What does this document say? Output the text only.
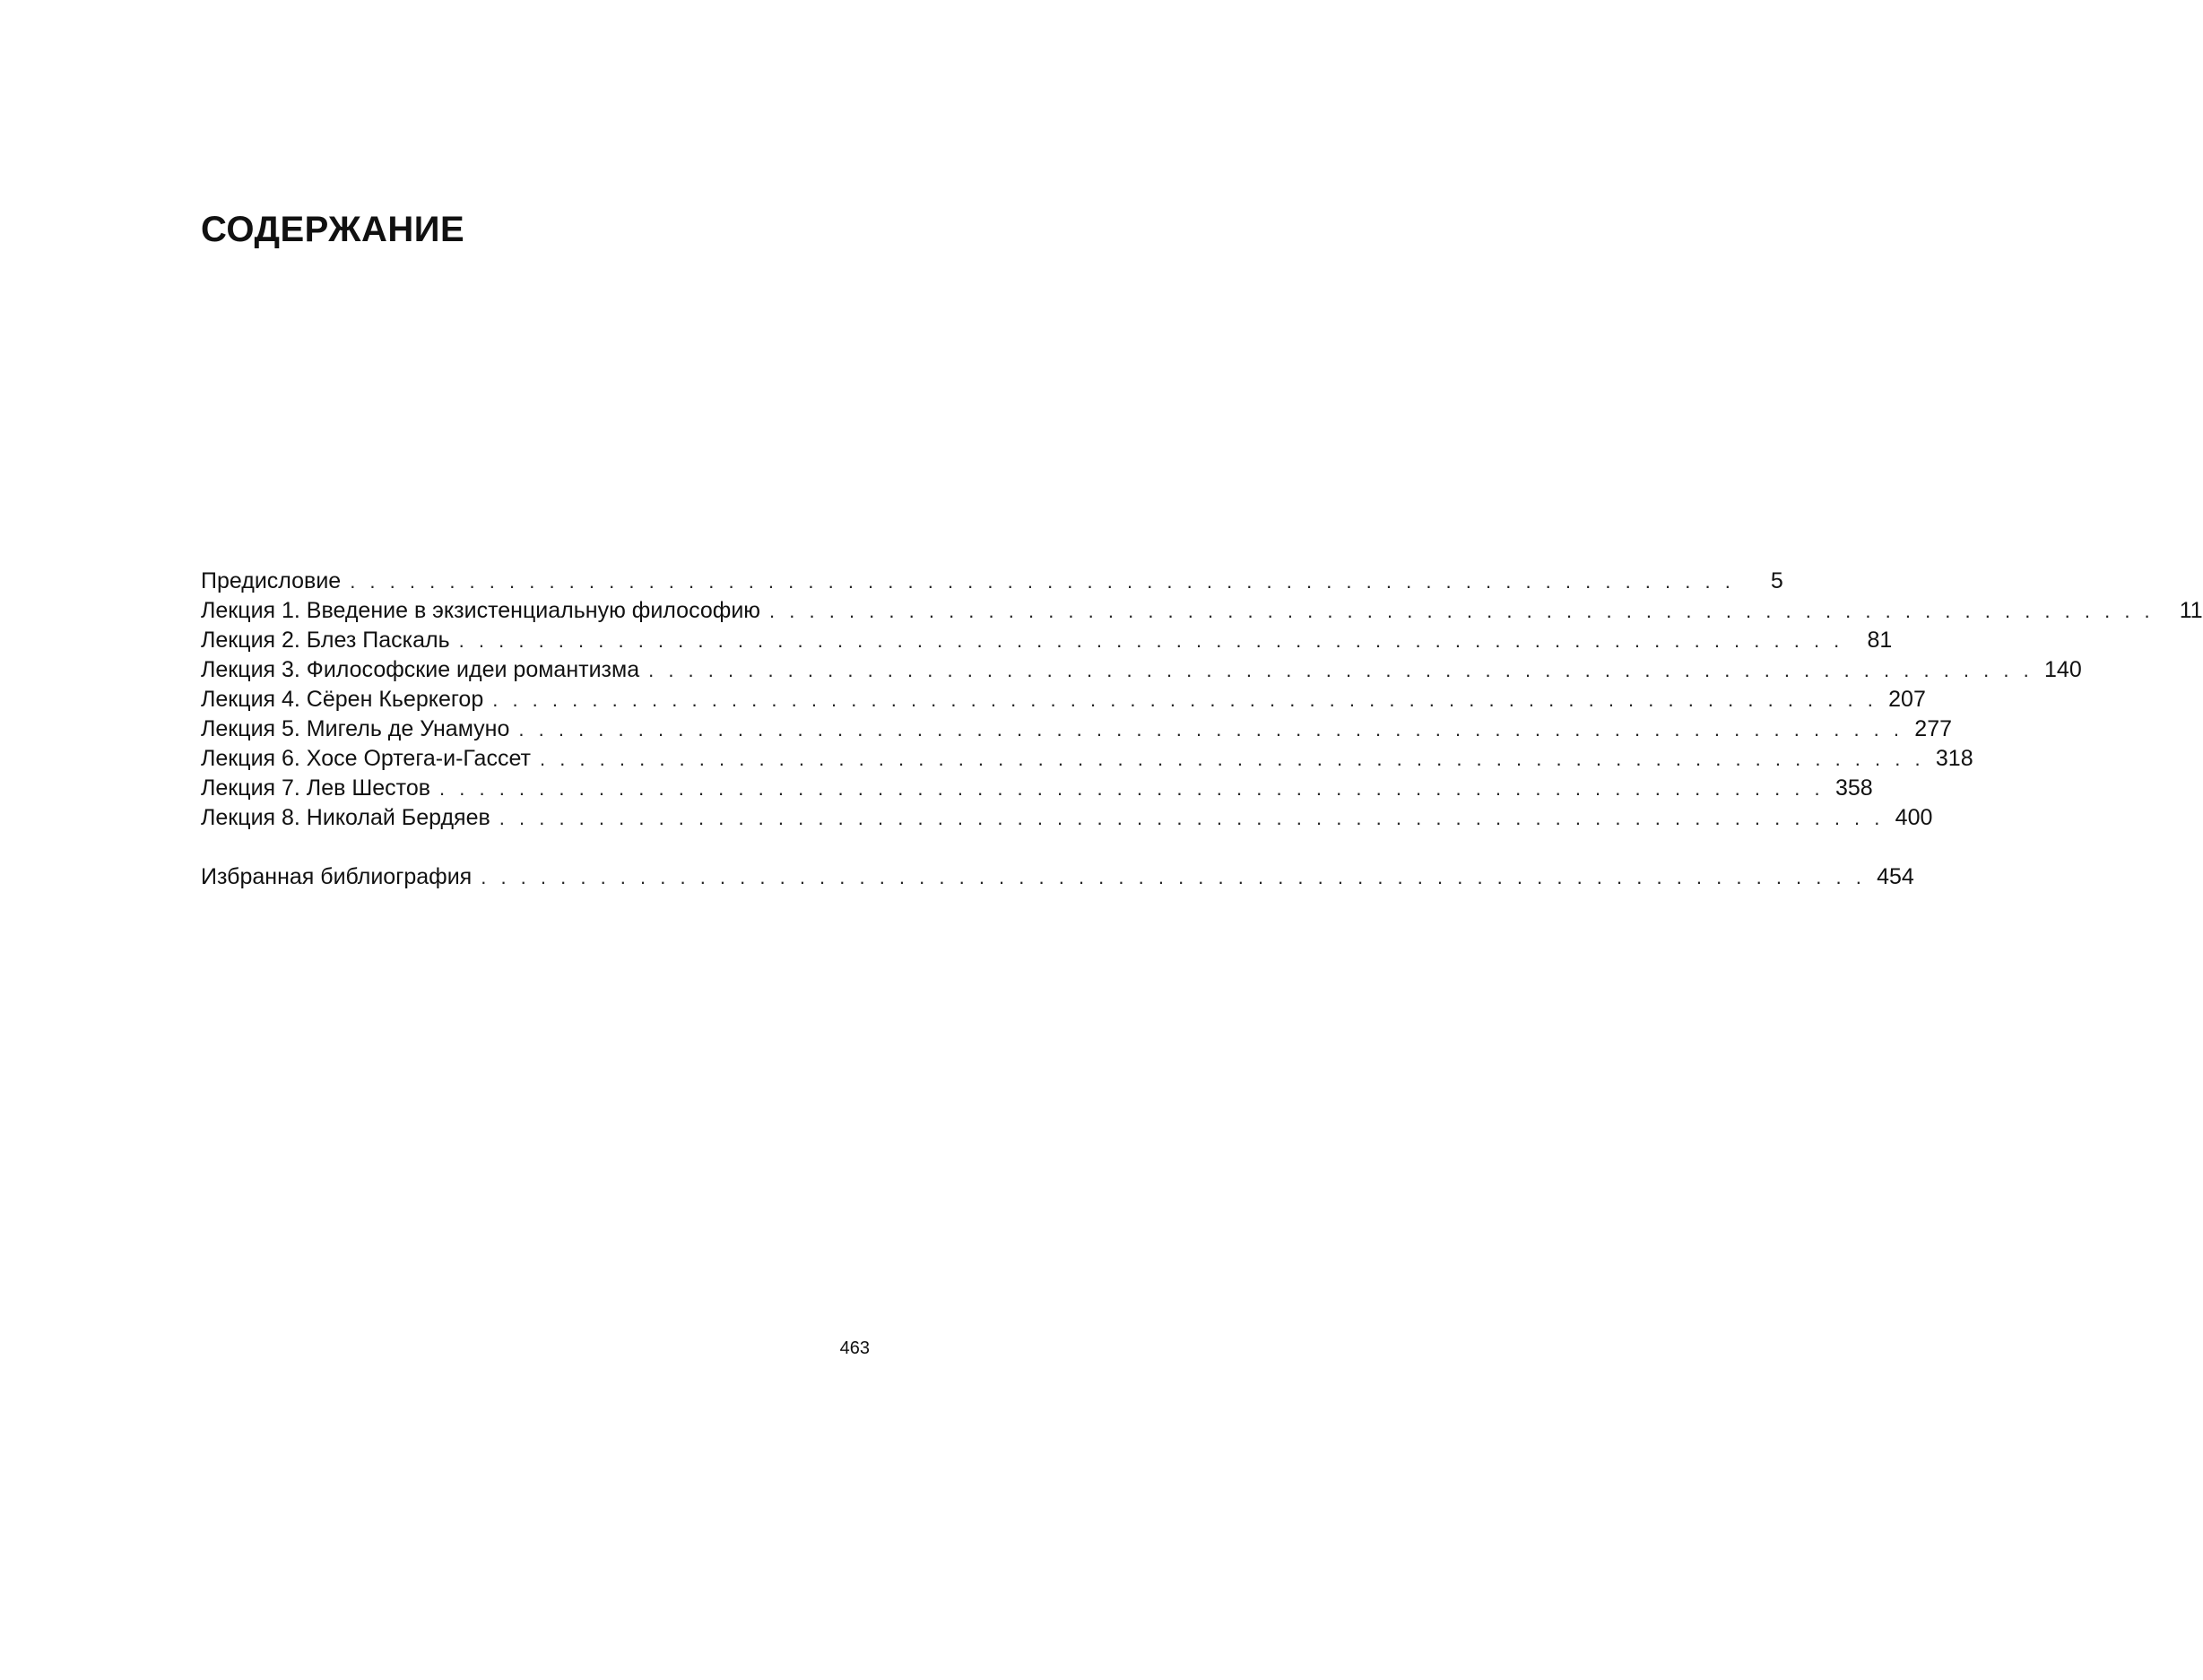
СОДЕРЖАНИЕ
Предисловие . . . . . . . . . . . . . . . . . . . . . . . . . . . . . . . . . . . . . . . . . . . . . . . . . . . . . . . . . . . . . . . . . . . . . .	5
Лекция 1. Введение в экзистенциальную философию . . . . . . . . . . . . . . . . . . . . . . . . . . . . . . . . . . . . . . . . . . . . . . . . . . . . . . . . . . . . . . . . . . . . . .	11
Лекция 2. Блез Паскаль . . . . . . . . . . . . . . . . . . . . . . . . . . . . . . . . . . . . . . . . . . . . . . . . . . . . . . . . . . . . . . . . . . . . . .	81
Лекция 3. Философские идеи романтизма . . . . . . . . . . . . . . . . . . . . . . . . . . . . . . . . . . . . . . . . . . . . . . . . . . . . . . . . . . . . . . . . . . . . . . 140
Лекция 4. Сёрен Кьеркегор . . . . . . . . . . . . . . . . . . . . . . . . . . . . . . . . . . . . . . . . . . . . . . . . . . . . . . . . . . . . . . . . . . . . . . 207
Лекция 5. Мигель де Унамуно . . . . . . . . . . . . . . . . . . . . . . . . . . . . . . . . . . . . . . . . . . . . . . . . . . . . . . . . . . . . . . . . . . . . . . 277
Лекция 6. Хосе Ортега-и-Гассет . . . . . . . . . . . . . . . . . . . . . . . . . . . . . . . . . . . . . . . . . . . . . . . . . . . . . . . . . . . . . . . . . . . . . . 318
Лекция 7. Лев Шестов . . . . . . . . . . . . . . . . . . . . . . . . . . . . . . . . . . . . . . . . . . . . . . . . . . . . . . . . . . . . . . . . . . . . . . 358
Лекция 8. Николай Бердяев . . . . . . . . . . . . . . . . . . . . . . . . . . . . . . . . . . . . . . . . . . . . . . . . . . . . . . . . . . . . . . . . . . . . . . 400
Избранная библиография . . . . . . . . . . . . . . . . . . . . . . . . . . . . . . . . . . . . . . . . . . . . . . . . . . . . . . . . . . . . . . . . . . . . . . 454
463
